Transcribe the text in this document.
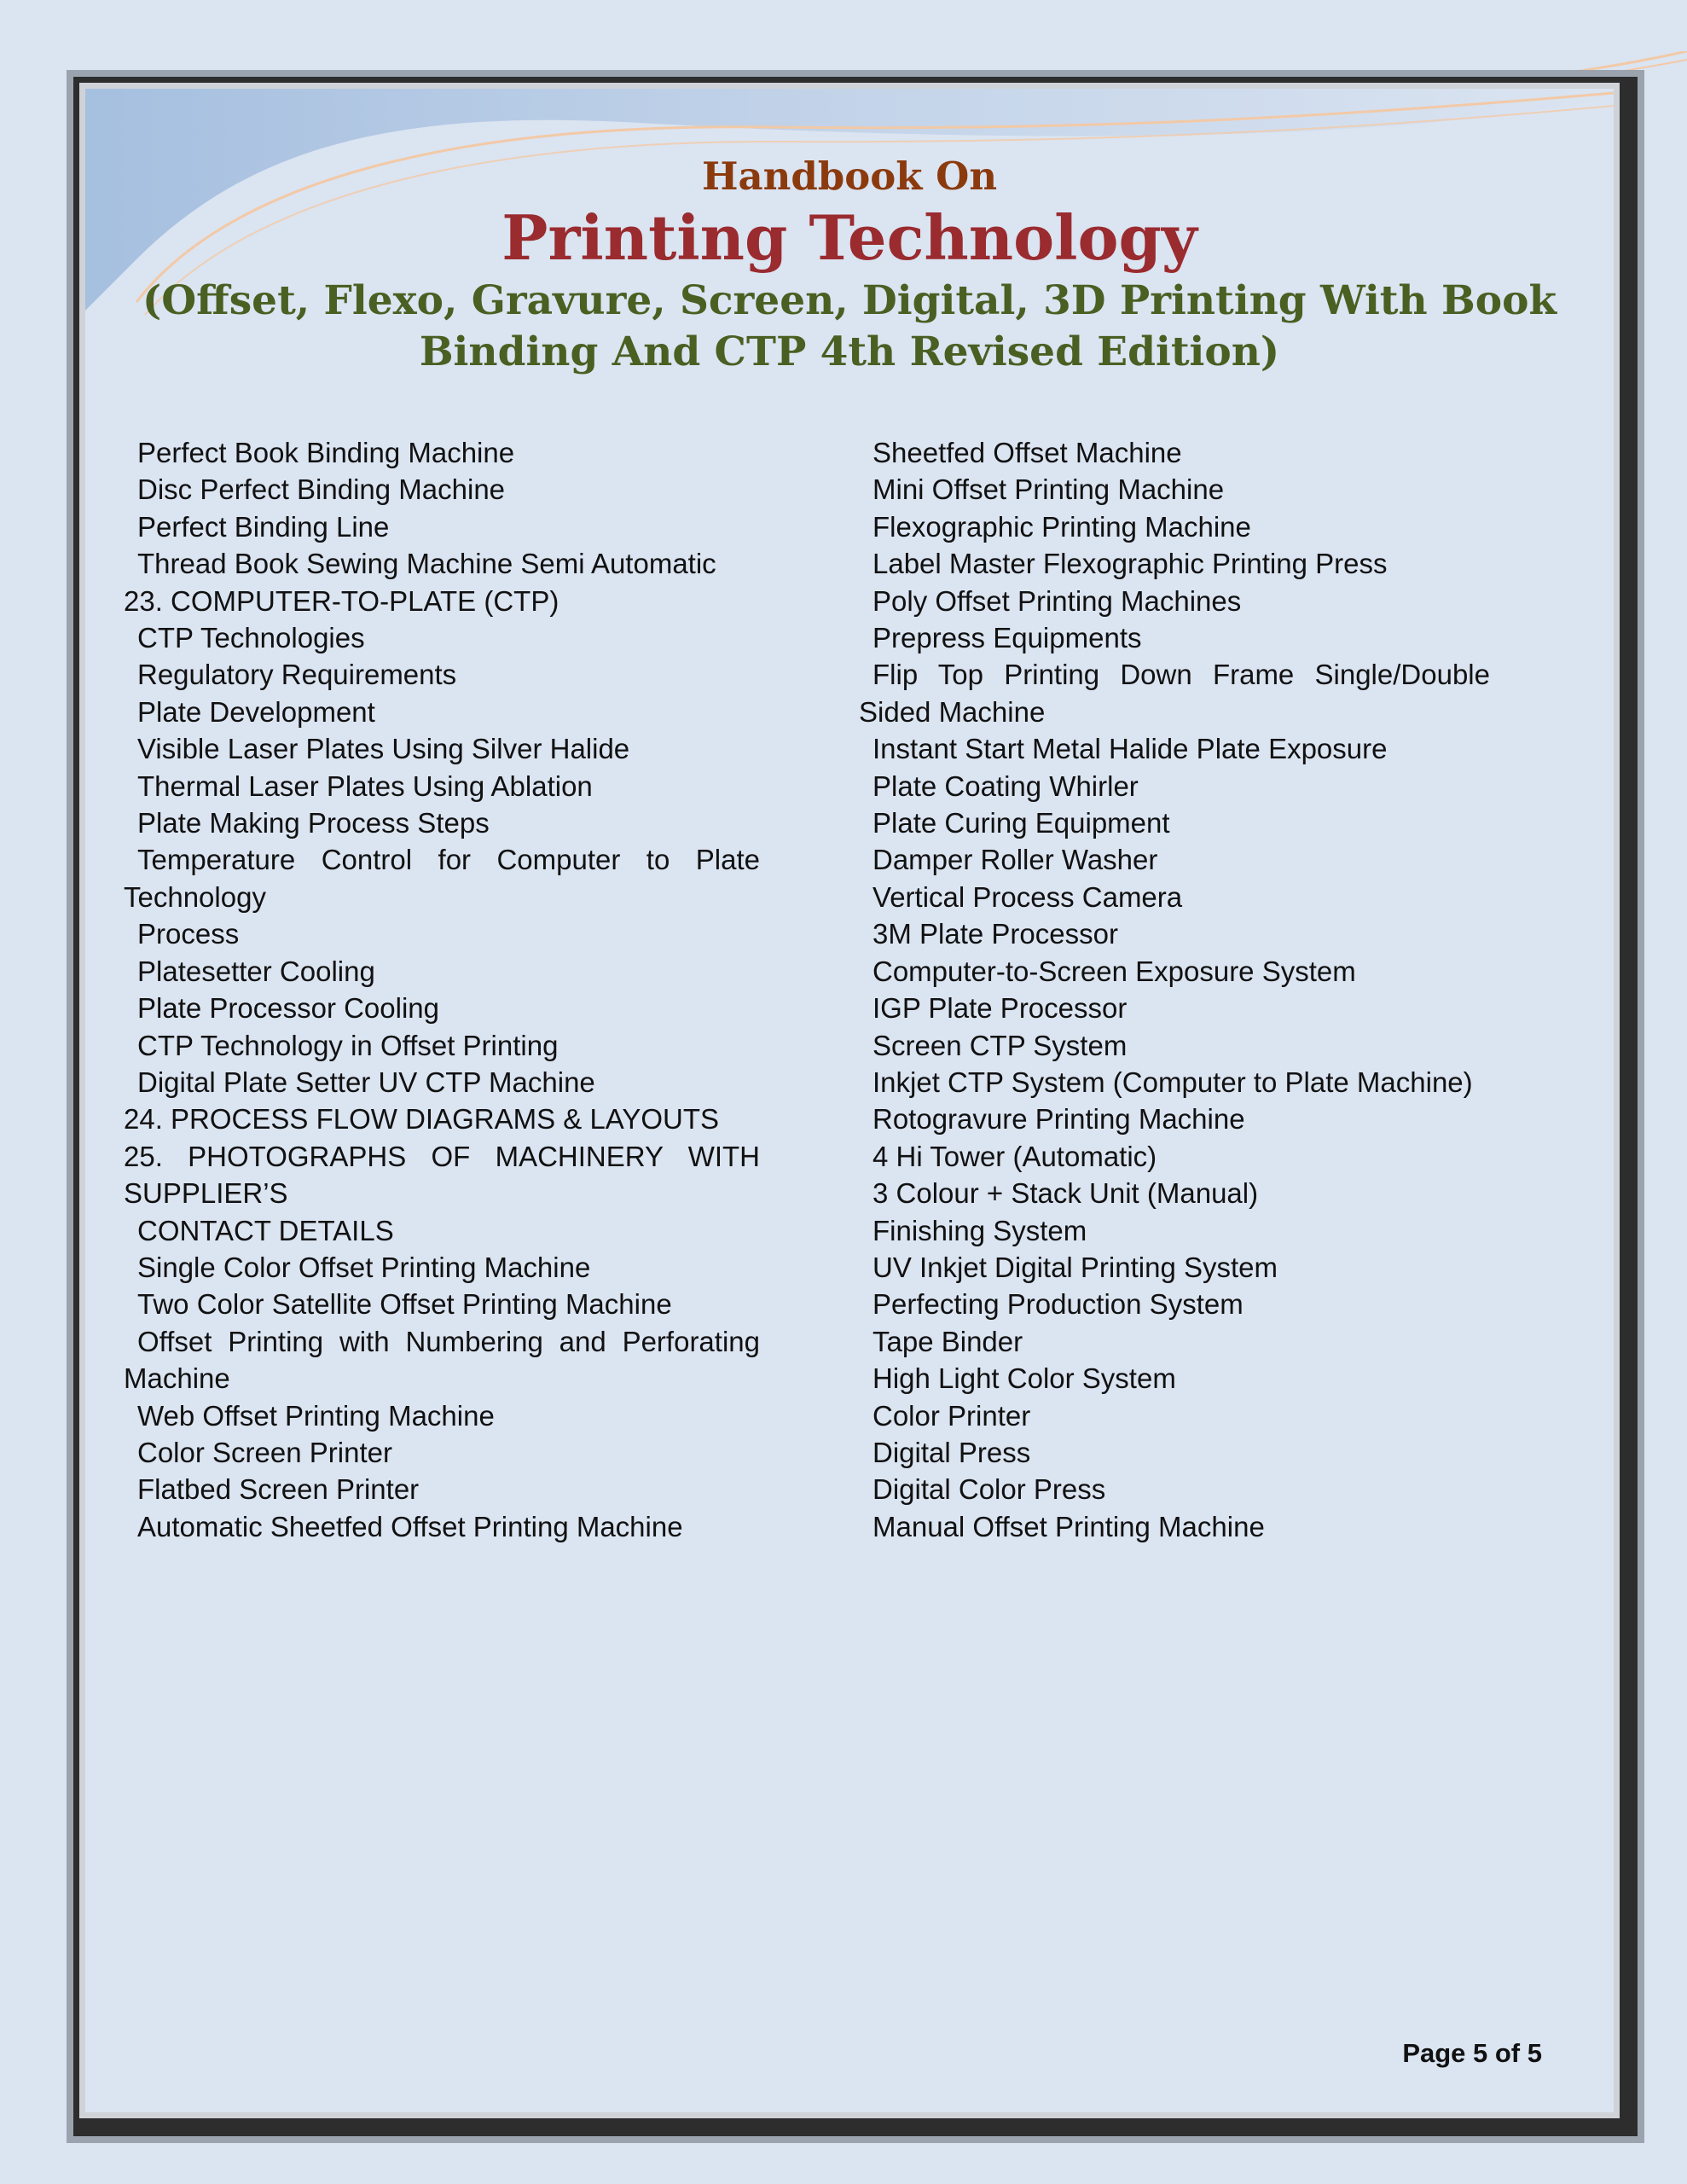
Handbook On
Printing Technology
(Offset, Flexo, Gravure, Screen, Digital, 3D Printing With Book
Binding And CTP 4th Revised Edition)
Perfect Book Binding Machine
Disc Perfect Binding Machine
Perfect Binding Line
Thread Book Sewing Machine Semi Automatic
23. COMPUTER-TO-PLATE (CTP)
CTP Technologies
Regulatory Requirements
Plate Development
Visible Laser Plates Using Silver Halide
Thermal Laser Plates Using Ablation
Plate Making Process Steps
Temperature Control for Computer to Plate Technology
Process
Platesetter Cooling
Plate Processor Cooling
CTP Technology in Offset Printing
Digital Plate Setter UV CTP Machine
24. PROCESS FLOW DIAGRAMS & LAYOUTS
25. PHOTOGRAPHS OF MACHINERY WITH SUPPLIER’S
CONTACT DETAILS
Single Color Offset Printing Machine
Two Color Satellite Offset Printing Machine
Offset Printing with Numbering and Perforating Machine
Web Offset Printing Machine
Color Screen Printer
Flatbed Screen Printer
Automatic Sheetfed Offset Printing Machine
Sheetfed Offset Machine
Mini Offset Printing Machine
Flexographic Printing Machine
Label Master Flexographic Printing Press
Poly Offset Printing Machines
Prepress Equipments
Flip Top Printing Down Frame Single/Double Sided Machine
Instant Start Metal Halide Plate Exposure
Plate Coating Whirler
Plate Curing Equipment
Damper Roller Washer
Vertical Process Camera
3M Plate Processor
Computer-to-Screen Exposure System
IGP Plate Processor
Screen CTP System
Inkjet CTP System (Computer to Plate Machine)
Rotogravure Printing Machine
4 Hi Tower (Automatic)
3 Colour + Stack Unit (Manual)
Finishing System
UV Inkjet Digital Printing System
Perfecting Production System
Tape Binder
High Light Color System
Color Printer
Digital Press
Digital Color Press
Manual Offset Printing Machine
Page 5 of 5
